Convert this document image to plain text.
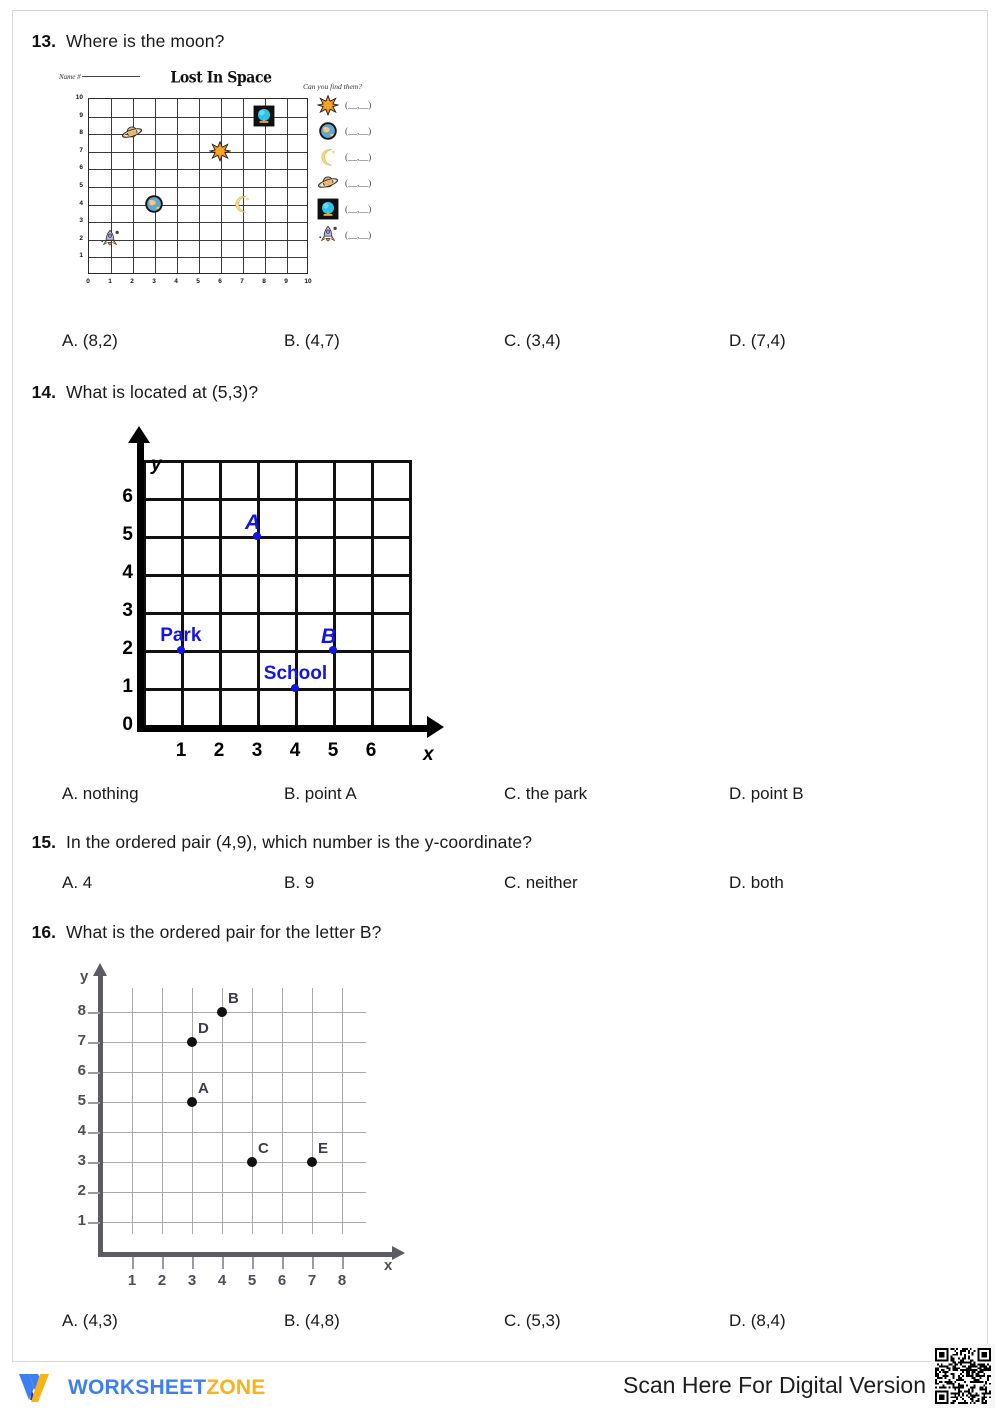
13. Where is the moon?
Name #	Lost In Space	Can you find them?
1
2
3
4
5
6
7
8
9
10
0	1	2	3	4	5	6	7	8	9	10
(__,__)
(__,__)
(__,__)
(__,__)
(__,__)
(__,__)
A. (8,2)	B. (4,7)	C. (3,4)	D. (7,4)
14. What is located at (5,3)?
A
Park	B
School
y
x
0
1
2
3
4
5
6
1 2 3 4 5 6
A. nothing	B. point A	C. the park	D. point B
15. In the ordered pair (4,9), which number is the y-coordinate?
A. 4	B. 9	C. neither	D. both
16. What is the ordered pair for the letter B?
y
x
1
2
3
4
5
6
7
8
1 2 3 4 5 6 7 8
B
D
A
C	E
A. (4,3)	B. (4,8)	C. (5,3)	D. (8,4)
WORKSHEETZONE	Scan Here For Digital Version
